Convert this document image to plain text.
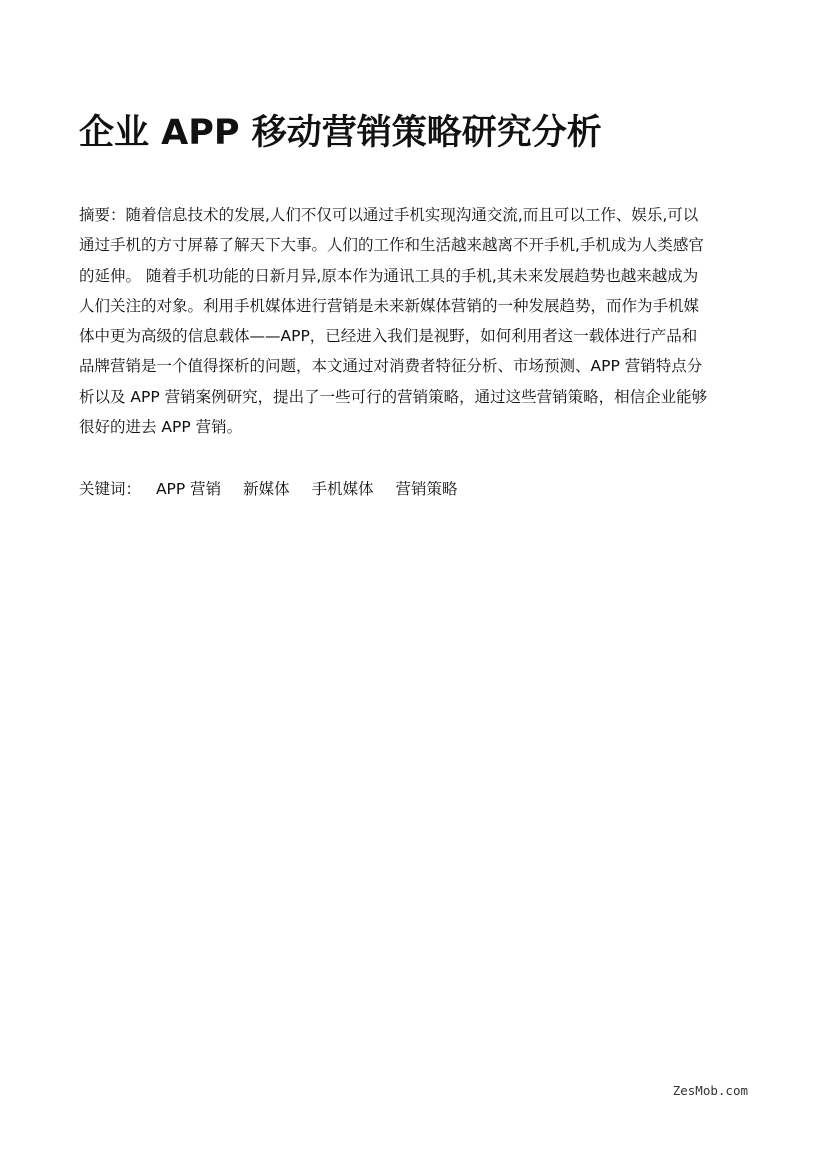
企业 APP 移动营销策略研究分析
摘要：随着信息技术的发展,人们不仅可以通过手机实现沟通交流,而且可以工作、娱乐,可以
通过手机的方寸屏幕了解天下大事。人们的工作和生活越来越离不开手机,手机成为人类感官
的延伸。 随着手机功能的日新月异,原本作为通讯工具的手机,其未来发展趋势也越来越成为
人们关注的对象。利用手机媒体进行营销是未来新媒体营销的一种发展趋势，而作为手机媒
体中更为高级的信息载体——APP，已经进入我们是视野，如何利用者这一载体进行产品和
品牌营销是一个值得探析的问题，本文通过对消费者特征分析、市场预测、APP 营销特点分
析以及 APP 营销案例研究，提出了一些可行的营销策略，通过这些营销策略，相信企业能够
很好的进去 APP 营销。
关键词： APP 营销 新媒体 手机媒体 营销策略
ZesMob.com
